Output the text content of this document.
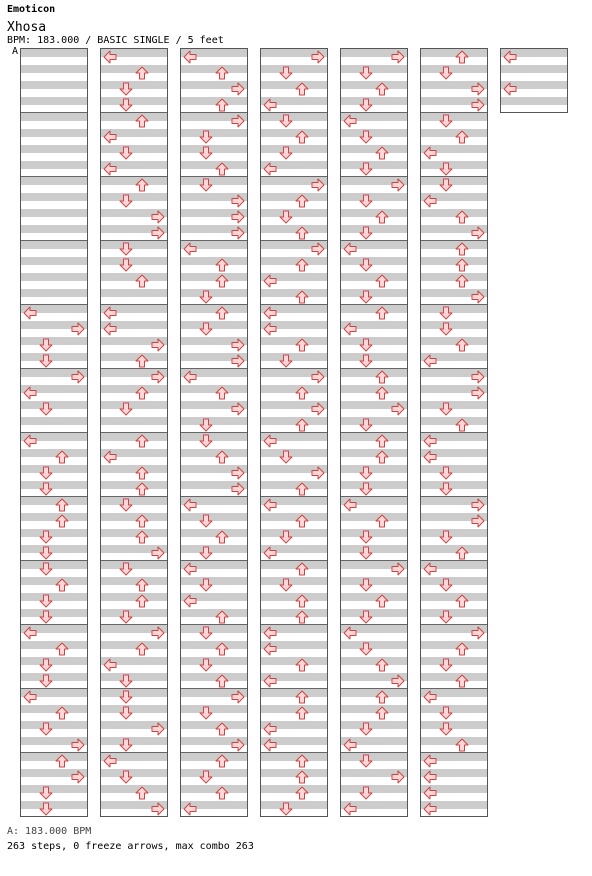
Emoticon
Xhosa
BPM: 183.000 / BASIC SINGLE / 5 feet
A
A: 183.000 BPM
263 steps, 0 freeze arrows, max combo 263
